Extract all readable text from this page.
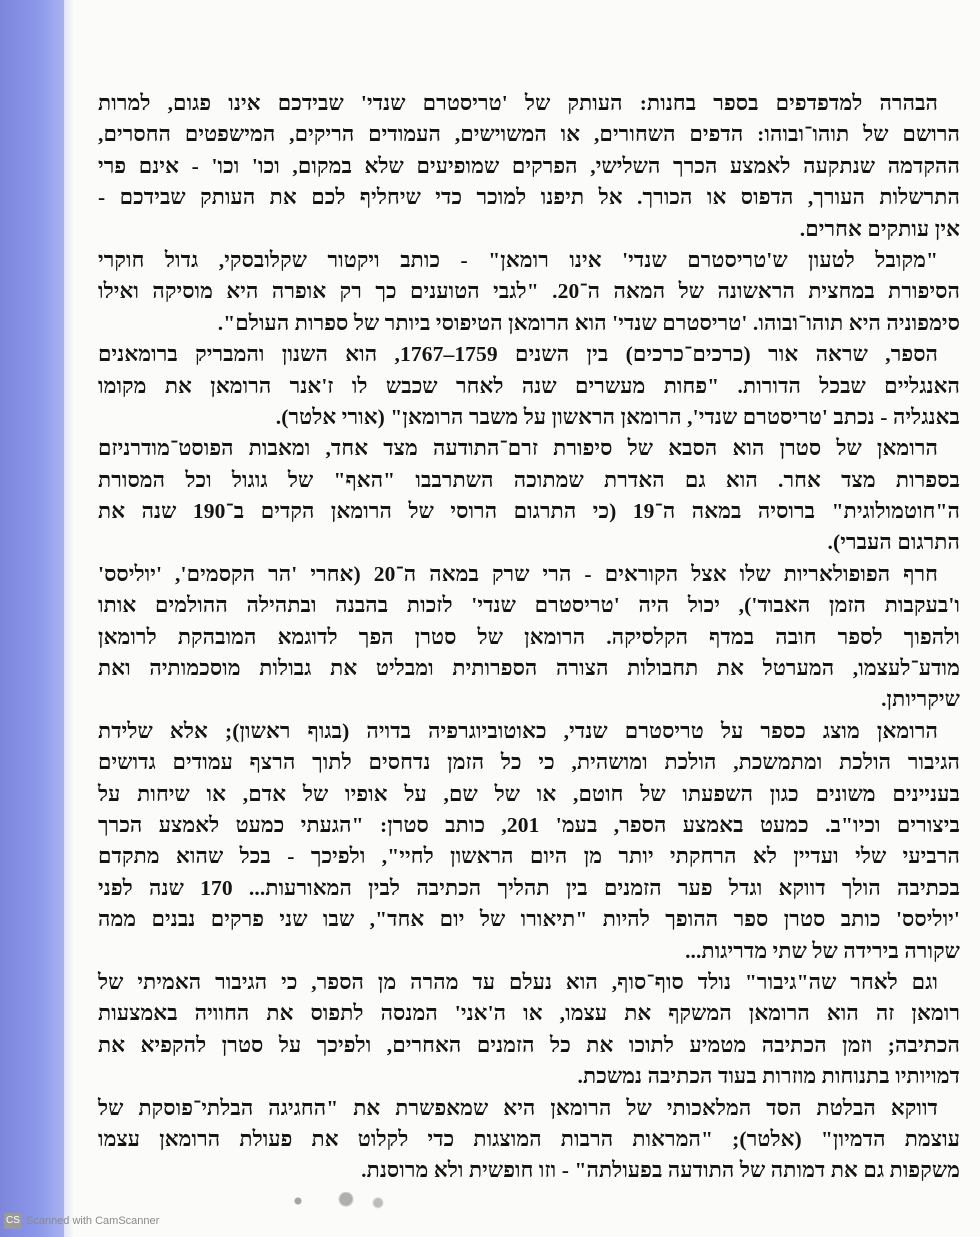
הבהרה למדפדפים בספר בחנות: העותק של 'טריסטרם שנדי' שבידכם אינו פגום, למרות
הרושם של תוהו־ובוהו: הדפים השחורים, או המשוישים, העמודים הריקים, המישפטים החסרים,
ההקדמה שנתקעה לאמצע הכרך השלישי, הפרקים שמופיעים שלא במקום, וכו' וכו' - אינם פרי
התרשלות העורך, הדפוס או הכורך. אל תיפנו למוכר כדי שיחליף לכם את העותק שבידכם -
אין עותקים אחרים.
"מקובל לטעון ש'טריסטרם שנדי' אינו רומאן" - כותב ויקטור שקלובסקי, גדול חוקרי
הסיפורת במחצית הראשונה של המאה ה־20. "לגבי הטוענים כך רק אופרה היא מוסיקה ואילו
סימפוניה היא תוהו־ובוהו. 'טריסטרם שנדי' הוא הרומאן הטיפוסי ביותר של ספרות העולם".
הספר, שראה אור (כרכים־כרכים) בין השנים 1759–1767, הוא השנון והמבריק ברומאנים
האנגליים שבכל הדורות. "פחות מעשרים שנה לאחר שכבש לו ז'אנר הרומאן את מקומו
באנגליה - נכתב 'טריסטרם שנדי', הרומאן הראשון על משבר הרומאן" (אורי אלטר).
הרומאן של סטרן הוא הסבא של סיפורת זרם־התודעה מצד אחד, ומאבות הפוסט־מודרניזם
בספרות מצד אחר. הוא גם האדרת שמתוכה השתרבבו "האף" של גוגול וכל המסורת
ה"חוטמולוגית" ברוסיה במאה ה־19 (כי התרגום הרוסי של הרומאן הקדים ב־190 שנה את
התרגום העברי).
חרף הפופולאריות שלו אצל הקוראים - הרי שרק במאה ה־20 (אחרי 'הר הקסמים', 'יוליסס'
ו'בעקבות הזמן האבוד'), יכול היה 'טריסטרם שנדי' לזכות בהבנה ובתהילה ההולמים אותו
ולהפוך לספר חובה במדף הקלסיקה. הרומאן של סטרן הפך לדוגמא המובהקת לרומאן
מודע־לעצמו, המערטל את תחבולות הצורה הספרותית ומבליט את גבולות מוסכמותיה ואת
שיקריותן.
הרומאן מוצג כספר על טריסטרם שנדי, כאוטוביוגרפיה בדויה (בגוף ראשון); אלא שלידת
הגיבור הולכת ומתמשכת, הולכת ומושהית, כי כל הזמן נדחסים לתוך הרצף עמודים גדושים
בעניינים משונים כגון השפעתו של חוטם, או של שם, על אופיו של אדם, או שיחות על
ביצורים וכיו"ב. כמעט באמצע הספר, בעמ' 201, כותב סטרן: "הגעתי כמעט לאמצע הכרך
הרביעי שלי ועדיין לא הרחקתי יותר מן היום הראשון לחיי", ולפיכך - בכל שהוא מתקדם
בכתיבה הולך דווקא וגדל פער הזמנים בין תהליך הכתיבה לבין המאורעות... 170 שנה לפני
'יוליסס' כותב סטרן ספר ההופך להיות "תיאורו של יום אחד", שבו שני פרקים נבנים ממה
שקורה בירידה של שתי מדריגות...
וגם לאחר שה"גיבור" נולד סוף־סוף, הוא נעלם עד מהרה מן הספר, כי הגיבור האמיתי של
רומאן זה הוא הרומאן המשקף את עצמו, או ה'אני' המנסה לתפוס את החוויה באמצעות
הכתיבה; וזמן הכתיבה מטמיע לתוכו את כל הזמנים האחרים, ולפיכך על סטרן להקפיא את
דמויותיו בתנוחות מוזרות בעוד הכתיבה נמשכת.
דווקא הבלטת הסד המלאכותי של הרומאן היא שמאפשרת את "החגיגה הבלתי־פוסקת של
עוצמת הדמיון" (אלטר); "המראות הרבות המוצגות כדי לקלוט את פעולת הרומאן עצמו
משקפות גם את דמותה של התודעה בפעולתה" - וזו חופשית ולא מרוסנת.
CS Scanned with CamScanner
